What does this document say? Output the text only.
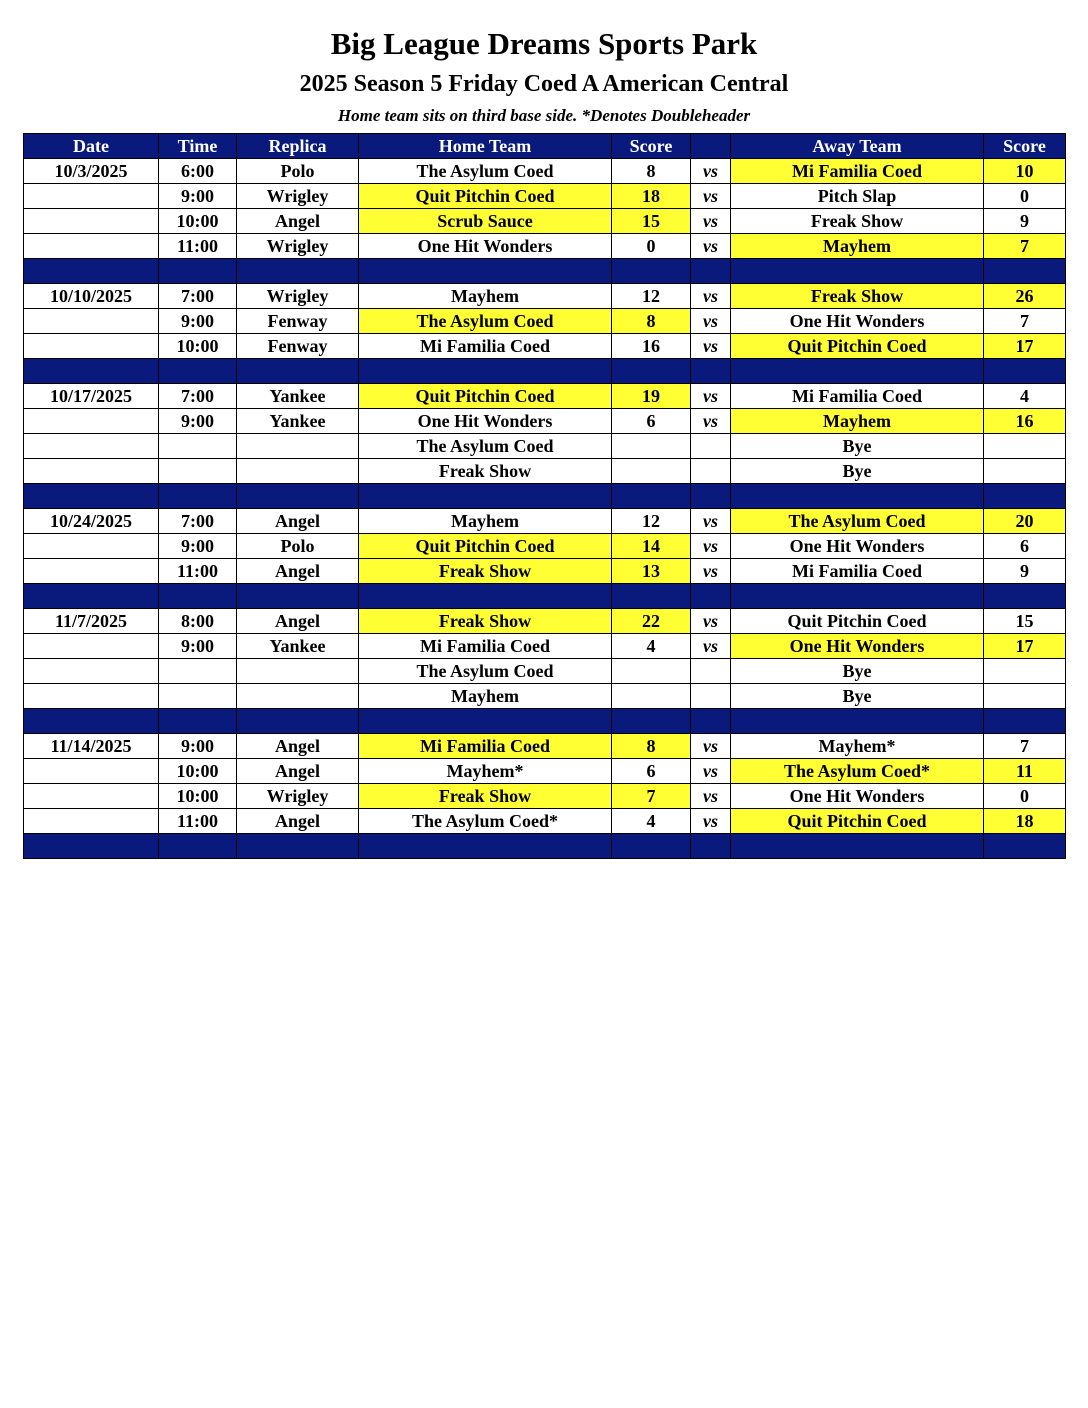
Big League Dreams Sports Park
2025 Season 5 Friday Coed A American Central
Home team sits on third base side. *Denotes Doubleheader
Date	Time	Replica	Home Team	Score		Away Team	Score
10/3/2025	6:00	Polo	The Asylum Coed	8	vs	Mi Familia Coed	10
	9:00	Wrigley	Quit Pitchin Coed	18	vs	Pitch Slap	0
	10:00	Angel	Scrub Sauce	15	vs	Freak Show	9
	11:00	Wrigley	One Hit Wonders	0	vs	Mayhem	7

10/10/2025	7:00	Wrigley	Mayhem	12	vs	Freak Show	26
	9:00	Fenway	The Asylum Coed	8	vs	One Hit Wonders	7
	10:00	Fenway	Mi Familia Coed	16	vs	Quit Pitchin Coed	17

10/17/2025	7:00	Yankee	Quit Pitchin Coed	19	vs	Mi Familia Coed	4
	9:00	Yankee	One Hit Wonders	6	vs	Mayhem	16
			The Asylum Coed			Bye	
			Freak Show			Bye	

10/24/2025	7:00	Angel	Mayhem	12	vs	The Asylum Coed	20
	9:00	Polo	Quit Pitchin Coed	14	vs	One Hit Wonders	6
	11:00	Angel	Freak Show	13	vs	Mi Familia Coed	9

11/7/2025	8:00	Angel	Freak Show	22	vs	Quit Pitchin Coed	15
	9:00	Yankee	Mi Familia Coed	4	vs	One Hit Wonders	17
			The Asylum Coed			Bye	
			Mayhem			Bye	

11/14/2025	9:00	Angel	Mi Familia Coed	8	vs	Mayhem*	7
	10:00	Angel	Mayhem*	6	vs	The Asylum Coed*	11
	10:00	Wrigley	Freak Show	7	vs	One Hit Wonders	0
	11:00	Angel	The Asylum Coed*	4	vs	Quit Pitchin Coed	18
